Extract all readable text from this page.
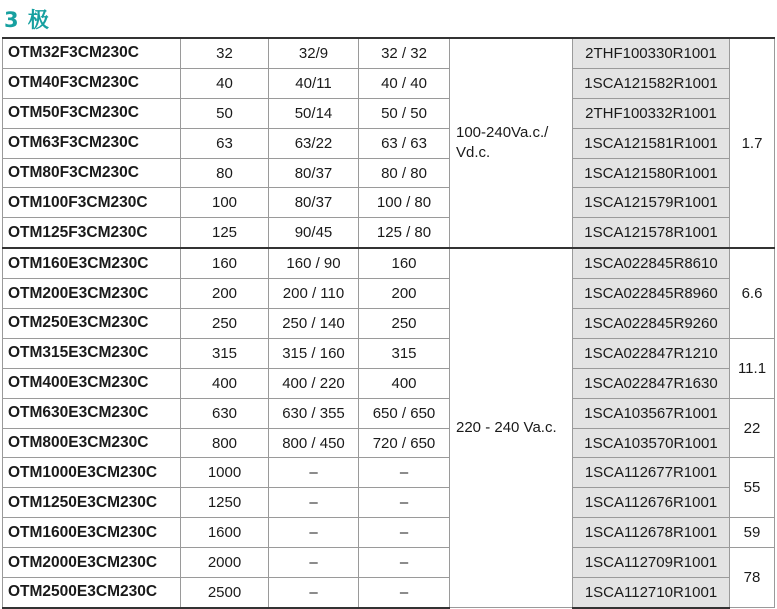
3 极
OTM32F3CM230C	32	32/9	32 / 32	100-240Va.c./ Vd.c.	2THF100330R1001	1.7
OTM40F3CM230C	40	40/11	40 / 40		1SCA121582R1001	
OTM50F3CM230C	50	50/14	50 / 50		2THF100332R1001	
OTM63F3CM230C	63	63/22	63 / 63		1SCA121581R1001	
OTM80F3CM230C	80	80/37	80 / 80		1SCA121580R1001	
OTM100F3CM230C	100	80/37	100 / 80		1SCA121579R1001	
OTM125F3CM230C	125	90/45	125 / 80		1SCA121578R1001	
OTM160E3CM230C	160	160 / 90	160	220 - 240 Va.c.	1SCA022845R8610	6.6
OTM200E3CM230C	200	200 / 110	200		1SCA022845R8960	
OTM250E3CM230C	250	250 / 140	250		1SCA022845R9260	
OTM315E3CM230C	315	315 / 160	315		1SCA022847R1210	11.1
OTM400E3CM230C	400	400 / 220	400		1SCA022847R1630	
OTM630E3CM230C	630	630 / 355	650 / 650		1SCA103567R1001	22
OTM800E3CM230C	800	800 / 450	720 / 650		1SCA103570R1001	
OTM1000E3CM230C	1000	–	–		1SCA112677R1001	55
OTM1250E3CM230C	1250	–	–		1SCA112676R1001	
OTM1600E3CM230C	1600	–	–		1SCA112678R1001	59
OTM2000E3CM230C	2000	–	–		1SCA112709R1001	78
OTM2500E3CM230C	2500	–	–		1SCA112710R1001	
